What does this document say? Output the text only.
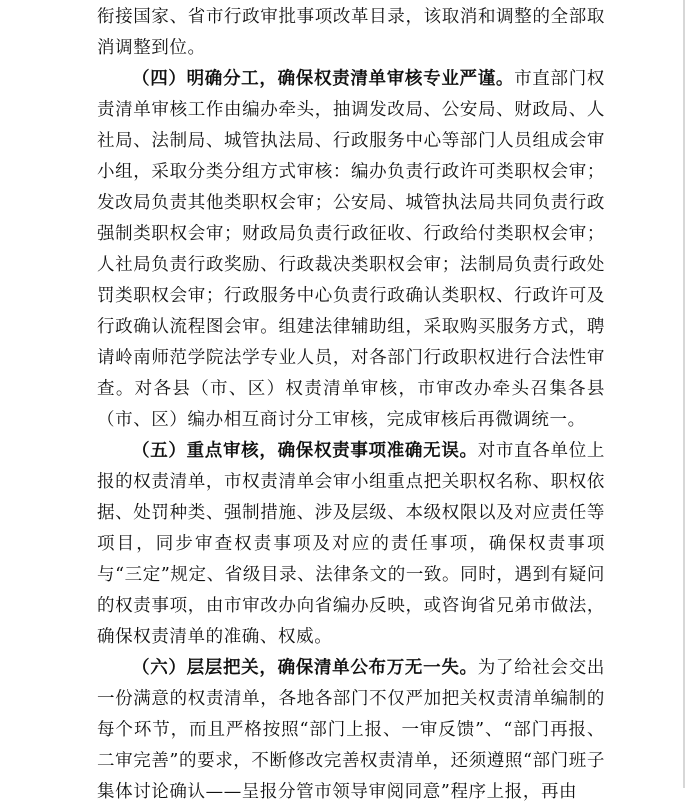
衔接国家、省市行政审批事项改革目录，该取消和调整的全部取消调整到位。

（四）明确分工，确保权责清单审核专业严谨。市直部门权责清单审核工作由编办牵头，抽调发改局、公安局、财政局、人社局、法制局、城管执法局、行政服务中心等部门人员组成会审小组，采取分类分组方式审核：编办负责行政许可类职权会审；发改局负责其他类职权会审；公安局、城管执法局共同负责行政强制类职权会审；财政局负责行政征收、行政给付类职权会审；人社局负责行政奖励、行政裁决类职权会审；法制局负责行政处罚类职权会审；行政服务中心负责行政确认类职权、行政许可及行政确认流程图会审。组建法律辅助组，采取购买服务方式，聘请岭南师范学院法学专业人员，对各部门行政职权进行合法性审查。对各县（市、区）权责清单审核，市审改办牵头召集各县（市、区）编办相互商讨分工审核，完成审核后再微调统一。

（五）重点审核，确保权责事项准确无误。对市直各单位上报的权责清单，市权责清单会审小组重点把关职权名称、职权依据、处罚种类、强制措施、涉及层级、本级权限以及对应责任等项目，同步审查权责事项及对应的责任事项，确保权责事项与“三定”规定、省级目录、法律条文的一致。同时，遇到有疑问的权责事项，由市审改办向省编办反映，或咨询省兄弟市做法，确保权责清单的准确、权威。

（六）层层把关，确保清单公布万无一失。为了给社会交出一份满意的权责清单，各地各部门不仅严加把关权责清单编制的每个环节，而且严格按照“部门上报、一审反馈”、“部门再报、二审完善”的要求，不断修改完善权责清单，还须遵照“部门班子集体讨论确认——呈报分管市领导审阅同意”程序上报，再由
